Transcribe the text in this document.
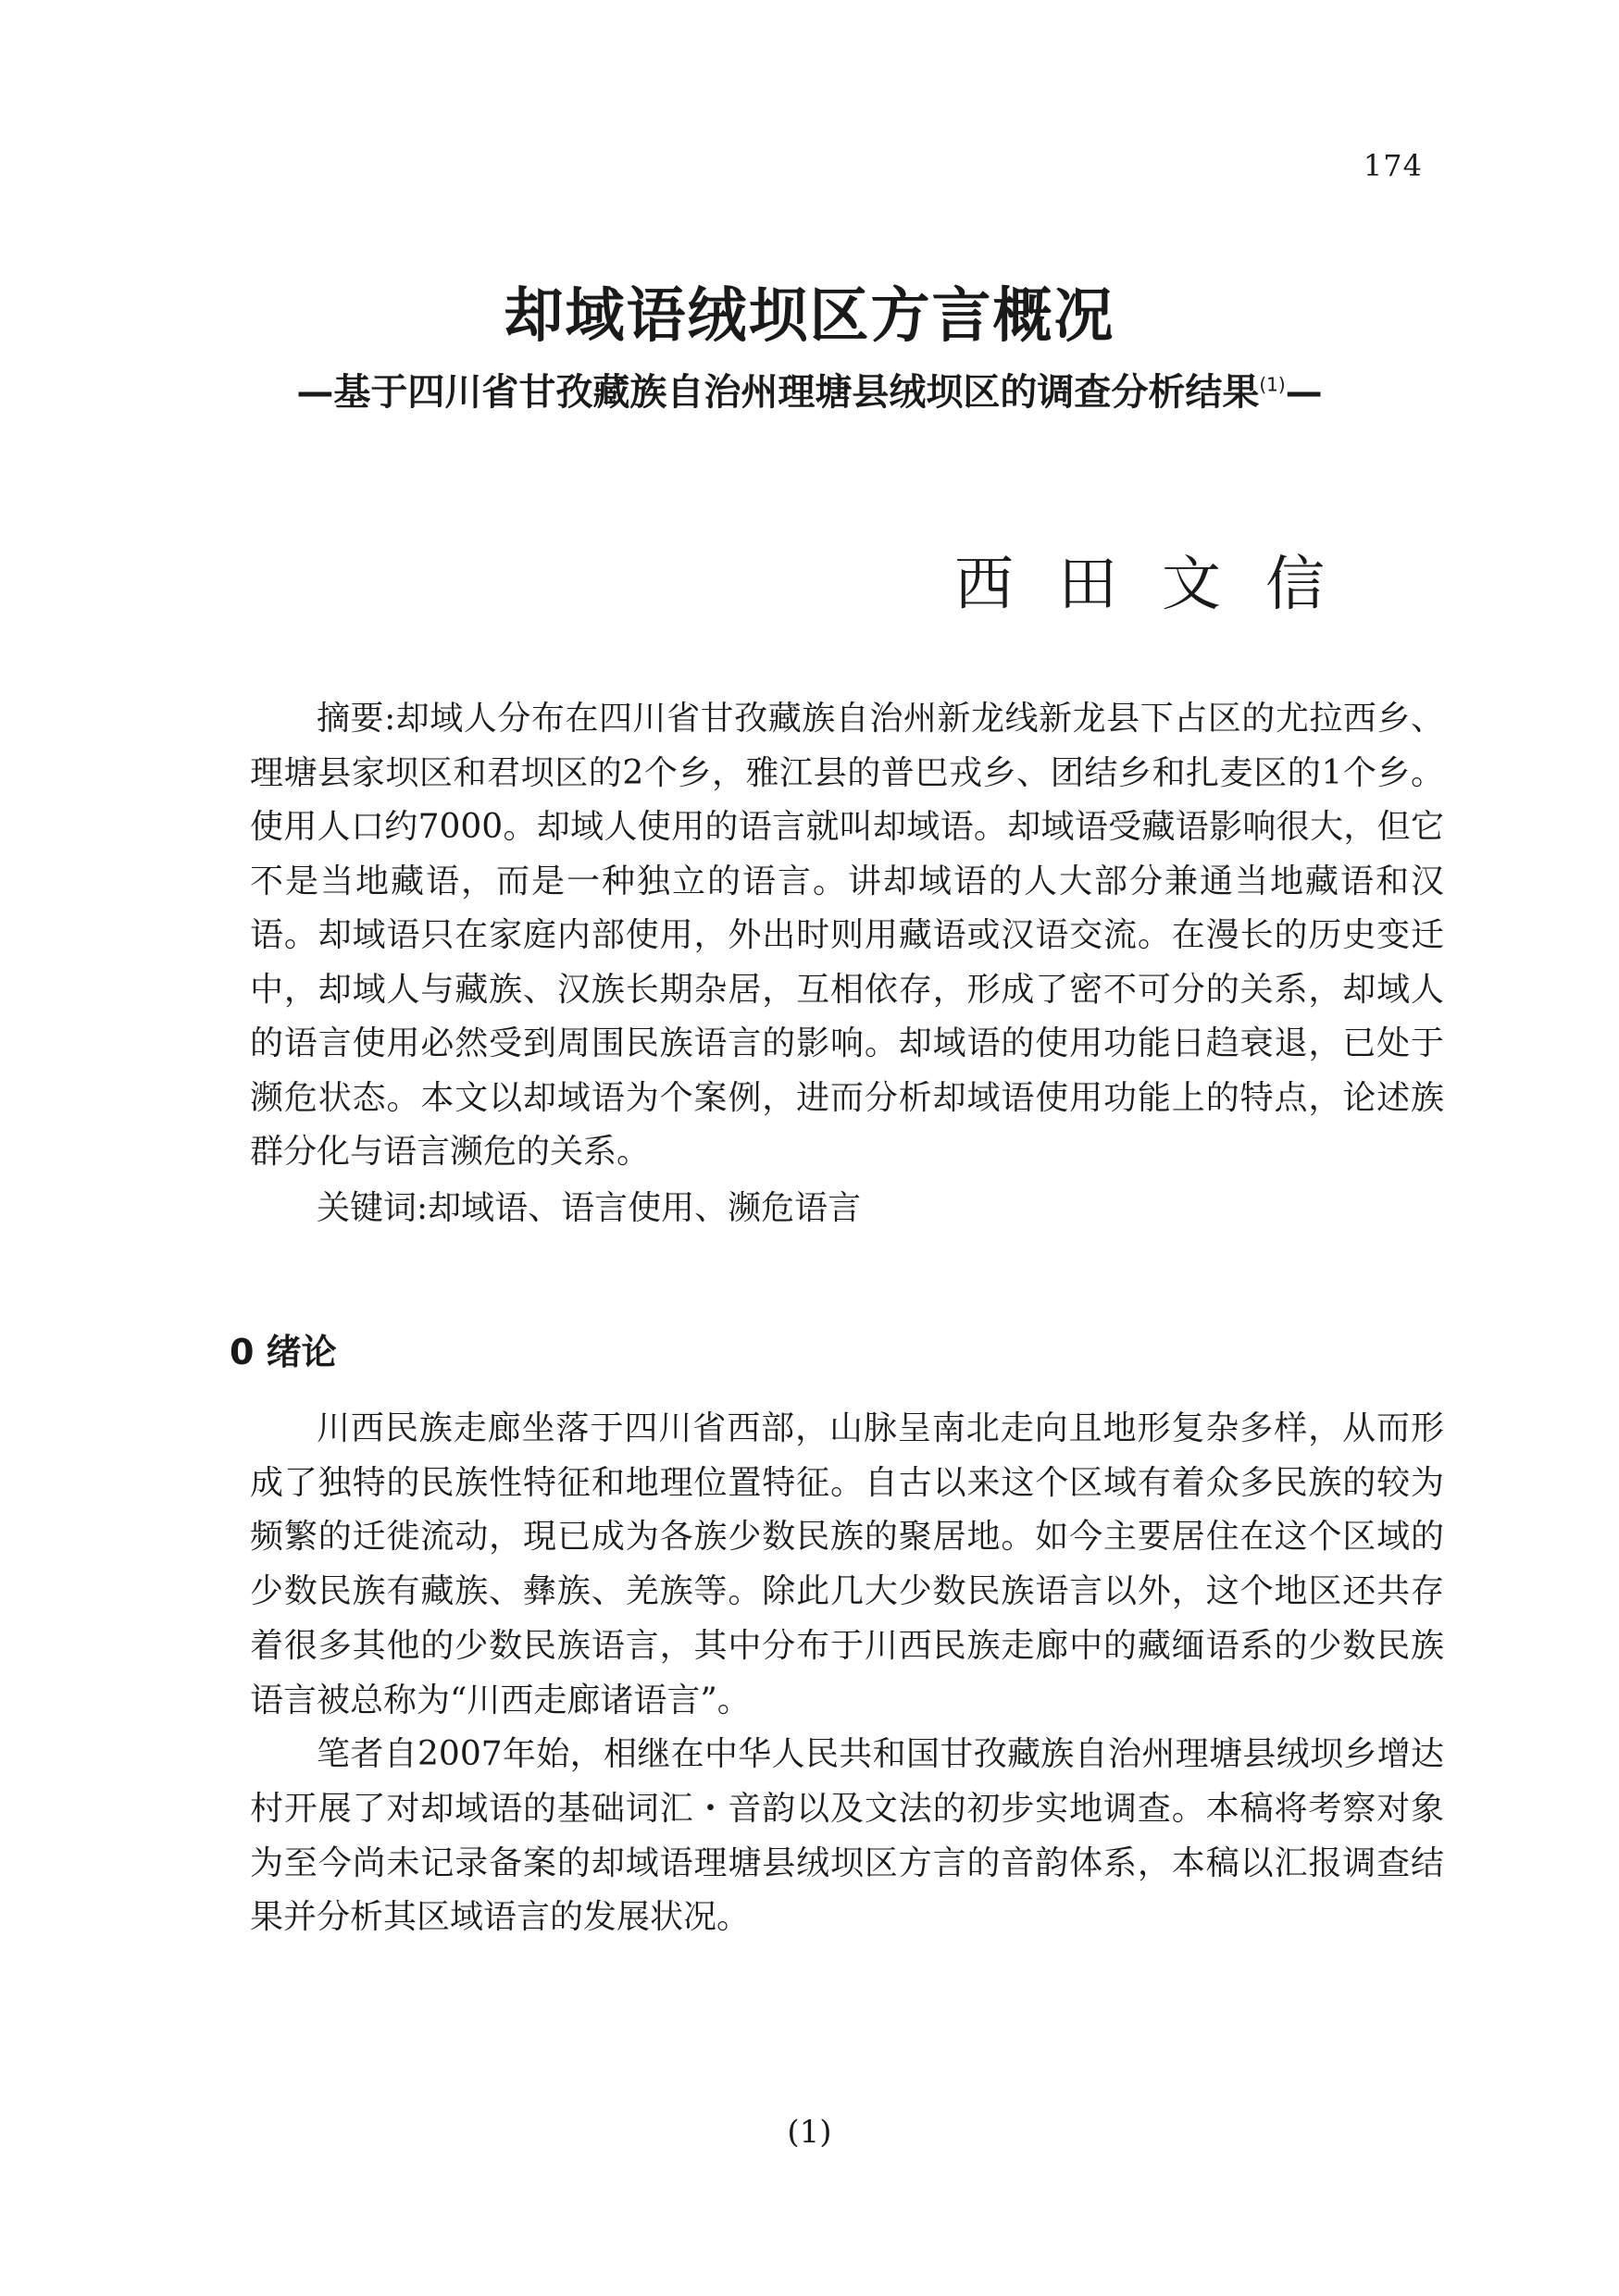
174
却域语绒坝区方言概况
—基于四川省甘孜藏族自治州理塘县绒坝区的调查分析结果$^{(1)}$—
西田文信

摘要:却域人分布在四川省甘孜藏族自治州新龙线新龙县下占区的尤拉西乡、理塘县家坝区和君坝区的2个乡，雅江县的普巴戎乡、团结乡和扎麦区的1个乡。使用人口约7000。却域人使用的语言就叫却域语。却域语受藏语影响很大，但它不是当地藏语，而是一种独立的语言。讲却域语的人大部分兼通当地藏语和汉语。却域语只在家庭内部使用，外出时则用藏语或汉语交流。在漫长的历史变迁中，却域人与藏族、汉族长期杂居，互相依存，形成了密不可分的关系，却域人的语言使用必然受到周围民族语言的影响。却域语的使用功能日趋衰退，已处于濒危状态。本文以却域语为个案例，进而分析却域语使用功能上的特点，论述族群分化与语言濒危的关系。

关键词:却域语、语言使用、濒危语言

0 绪论

川西民族走廊坐落于四川省西部，山脉呈南北走向且地形复杂多样，从而形成了独特的民族性特征和地理位置特征。自古以来这个区域有着众多民族的较为频繁的迁徙流动，現已成为各族少数民族的聚居地。如今主要居住在这个区域的少数民族有藏族、彝族、羌族等。除此几大少数民族语言以外，这个地区还共存着很多其他的少数民族语言，其中分布于川西民族走廊中的藏缅语系的少数民族语言被总称为“川西走廊诸语言”。

笔者自2007年始，相继在中华人民共和国甘孜藏族自治州理塘县绒坝乡增达村开展了对却域语的基础词汇・音韵以及文法的初步实地调查。本稿将考察对象为至今尚未记录备案的却域语理塘县绒坝区方言的音韵体系，本稿以汇报调查结果并分析其区域语言的发展状况。

(1)
